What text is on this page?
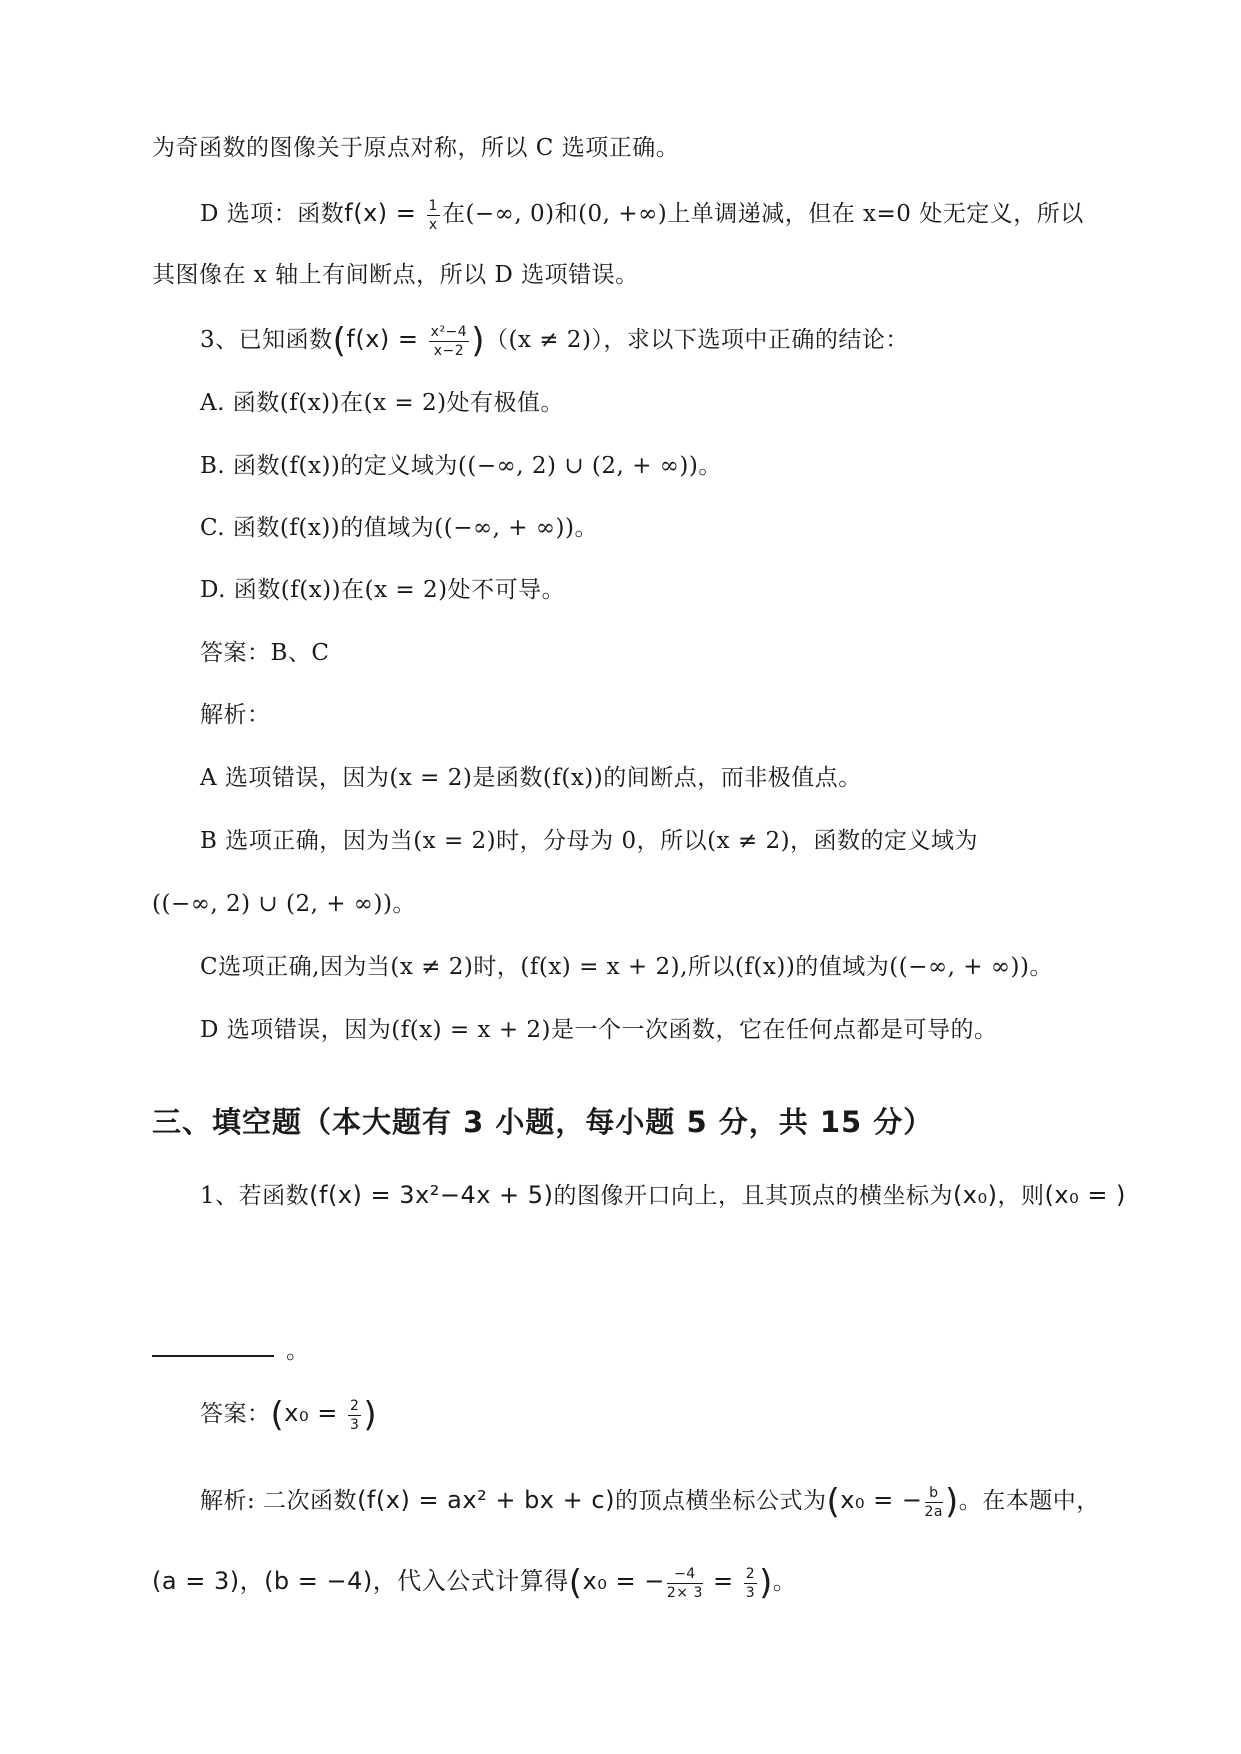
为奇函数的图像关于原点对称，所以 C 选项正确。
D 选项：函数$f(x) = \frac{1}{x}$ 在(−∞, 0)和(0, +∞)上单调递减，但在 x=0 处无定义，所以
其图像在 x 轴上有间断点，所以 D 选项错误。
3、已知函数$(f(x) = \frac{\text{x²−4}}{x-2} )((x \ne 2))$，求以下选项中正确的结论：
A. 函数(f(x))在(x = 2)处有极值。
B. 函数(f(x))的定义域为((−∞, 2) ∪ (2, + ∞))。
C. 函数(f(x))的值域为((−∞, + ∞))。
D. 函数(f(x))在(x = 2)处不可导。
答案：B、C
解析：
A 选项错误，因为(x = 2)是函数(f(x))的间断点，而非极值点。
B 选项正确，因为当(x = 2)时，分母为 0，所以(x ≠ 2)，函数的定义域为
((−∞, 2) ∪ (2, + ∞))。
C选项正确,因为当(x ≠ 2)时，(f(x) = x + 2),所以(f(x))的值域为((−∞, + ∞))。
D 选项错误，因为(f(x) = x + 2)是一个一次函数，它在任何点都是可导的。
三、填空题（本大题有 3 小题，每小题 5 分，共 15 分）
1、若函数(f(x) = 3x²−4x + 5)的图像开口向上，且其顶点的横坐标为(x₀)，则(x₀ = )
。
答案：($x_0 = \frac{2}{3}$ )
解析: 二次函数(f(x) = ax² + bx + c)的顶点横坐标公式为(x₀ = − $\frac{b}{2a}$ )。在本题中，
(a = 3)，(b = −4)，代入公式计算得(x₀ = − $\frac{-4}{2\times 3} = \frac{2}{3}$ )。
